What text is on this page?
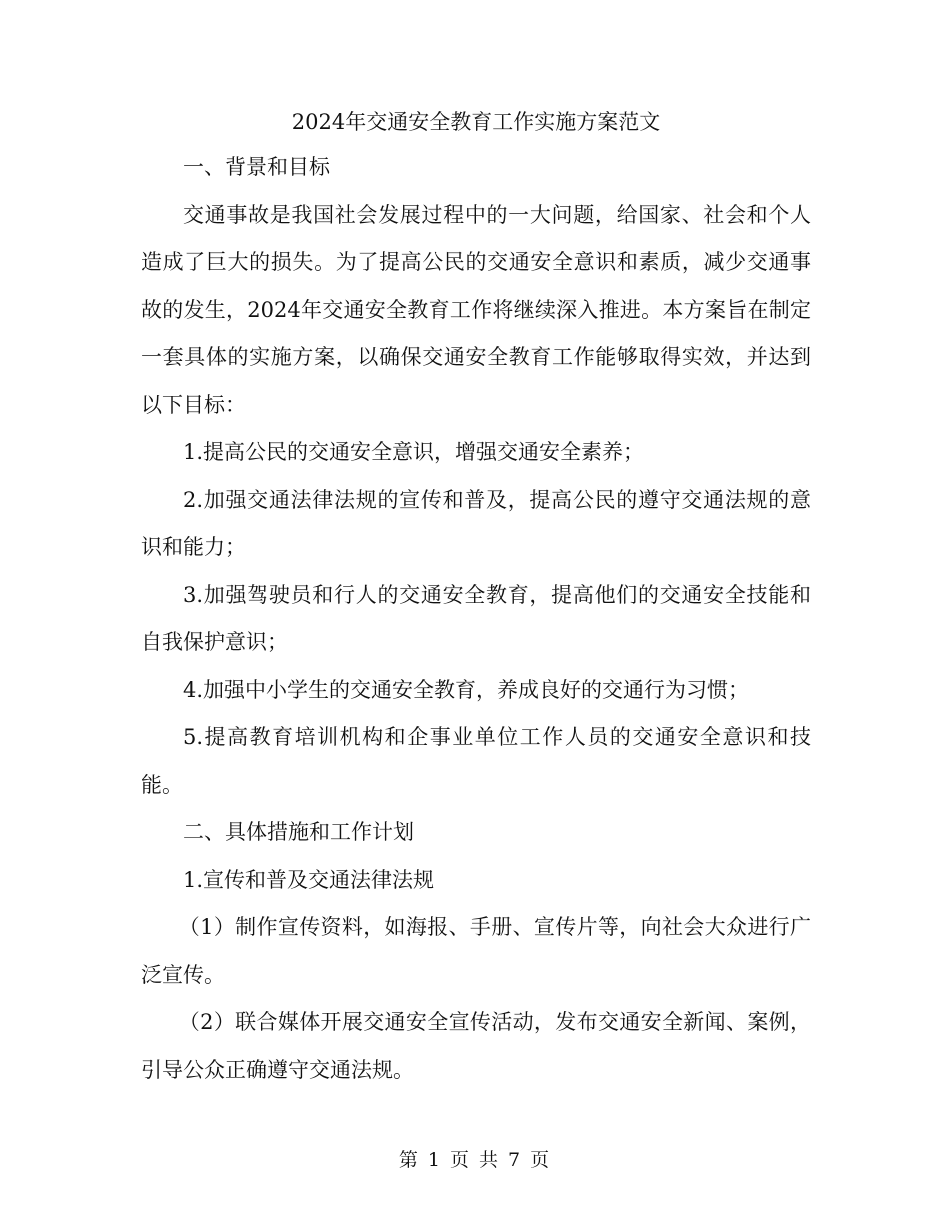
2024年交通安全教育工作实施方案范文

一、背景和目标

交通事故是我国社会发展过程中的一大问题，给国家、社会和个人造成了巨大的损失。为了提高公民的交通安全意识和素质，减少交通事故的发生，2024年交通安全教育工作将继续深入推进。本方案旨在制定一套具体的实施方案，以确保交通安全教育工作能够取得实效，并达到以下目标：

1.提高公民的交通安全意识，增强交通安全素养；

2.加强交通法律法规的宣传和普及，提高公民的遵守交通法规的意识和能力；

3.加强驾驶员和行人的交通安全教育，提高他们的交通安全技能和自我保护意识；

4.加强中小学生的交通安全教育，养成良好的交通行为习惯；

5.提高教育培训机构和企事业单位工作人员的交通安全意识和技能。

二、具体措施和工作计划

1.宣传和普及交通法律法规

（1）制作宣传资料，如海报、手册、宣传片等，向社会大众进行广泛宣传。

（2）联合媒体开展交通安全宣传活动，发布交通安全新闻、案例，引导公众正确遵守交通法规。

第 1 页 共 7 页
